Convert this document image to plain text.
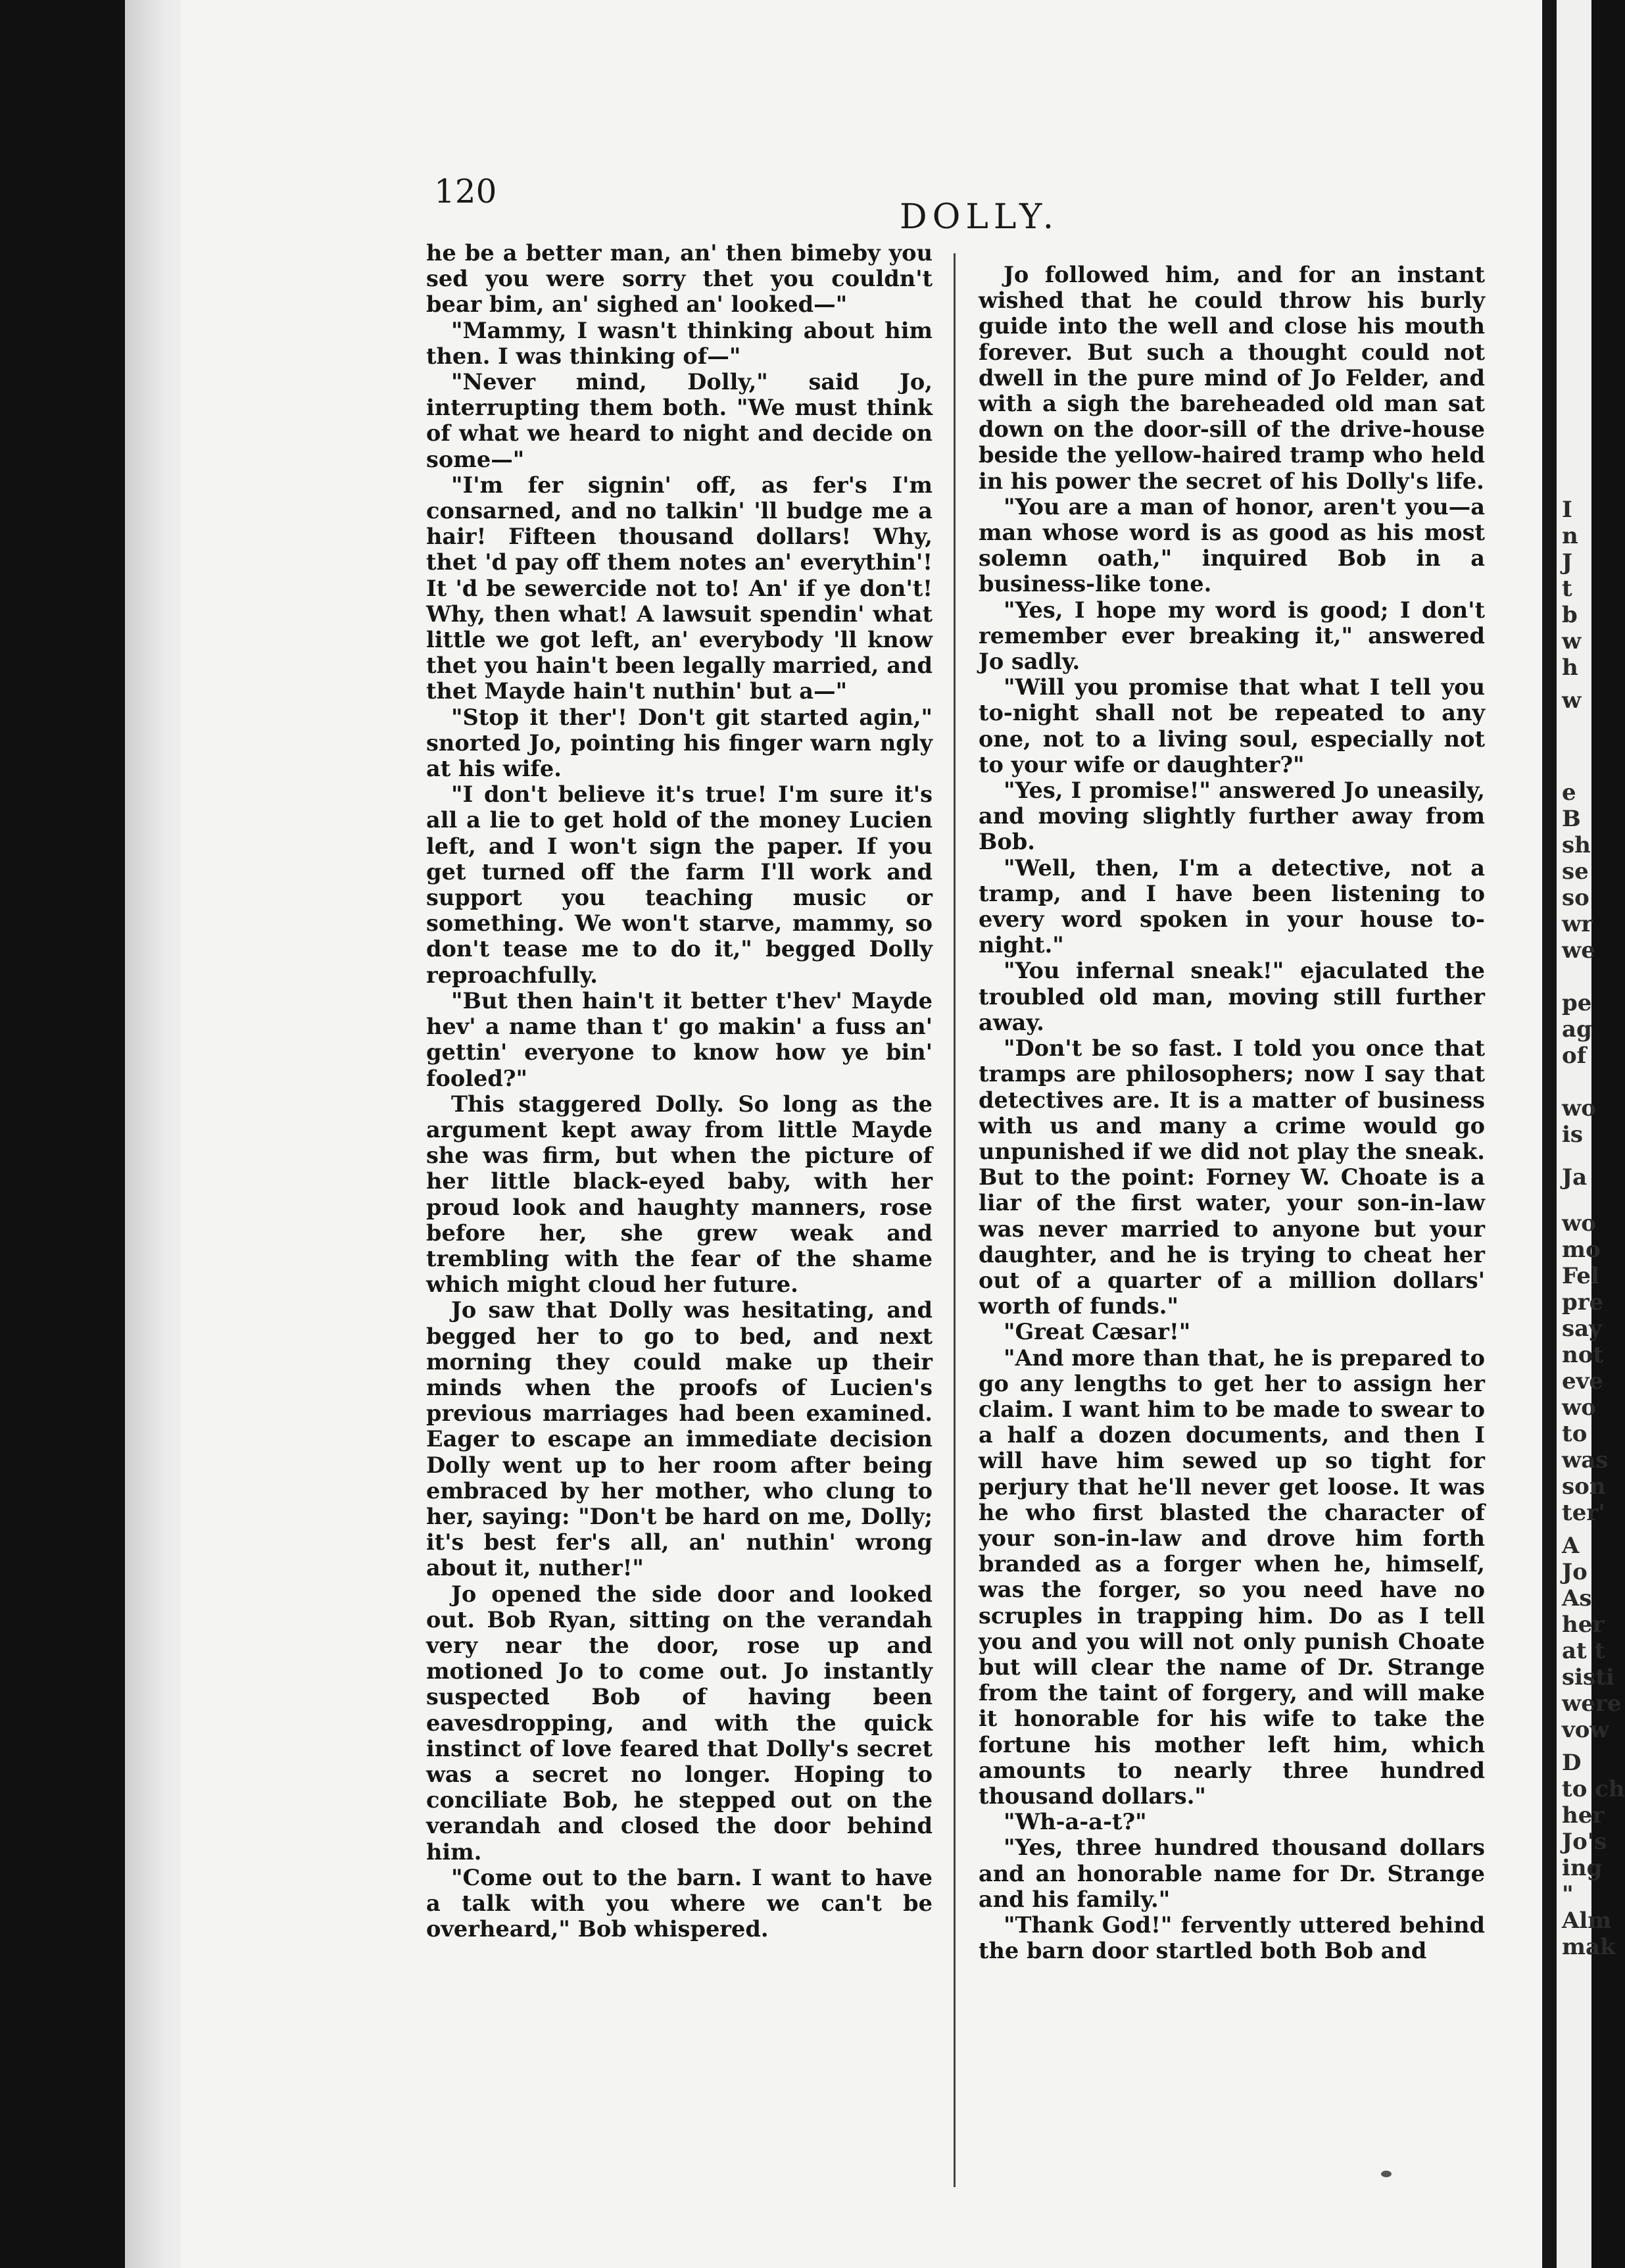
I
n
J
t
b
w
h
w
e
B
sh
se
so
wr
we
pe
ag
of
wo
is
Ja
wo
mo
Fel
pre
say
not
eve
wo
to
was
son
ter'
A
Jo
As
her
at t
sisti
were
vow
D
to ch
her
Jo's
ing
"
Alm
mak
120
DOLLY.

he be a better man, an' then bimeby you sed you were sorry thet you couldn't bear bim, an' sighed an' looked—"

"Mammy, I wasn't thinking about him then. I was thinking of—"

"Never mind, Dolly," said Jo, interrupting them both. "We must think of what we heard to night and decide on some—"

"I'm fer signin' off, as fer's I'm consarned, and no talkin' 'll budge me a hair! Fifteen thousand dollars! Why, thet 'd pay off them notes an' everythin'! It 'd be sewercide not to! An' if ye don't! Why, then what! A lawsuit spendin' what little we got left, an' everybody 'll know thet you hain't been legally married, and thet Mayde hain't nuthin' but a—"

"Stop it ther'! Don't git started agin," snorted Jo, pointing his finger warn ngly at his wife.

"I don't believe it's true! I'm sure it's all a lie to get hold of the money Lucien left, and I won't sign the paper. If you get turned off the farm I'll work and support you teaching music or something. We won't starve, mammy, so don't tease me to do it," begged Dolly reproachfully.

"But then hain't it better t'hev' Mayde hev' a name than t' go makin' a fuss an' gettin' everyone to know how ye bin' fooled?"

This staggered Dolly. So long as the argument kept away from little Mayde she was firm, but when the picture of her little black-eyed baby, with her proud look and haughty manners, rose before her, she grew weak and trembling with the fear of the shame which might cloud her future.

Jo saw that Dolly was hesitating, and begged her to go to bed, and next morning they could make up their minds when the proofs of Lucien's previous marriages had been examined. Eager to escape an immediate decision Dolly went up to her room after being embraced by her mother, who clung to her, saying: "Don't be hard on me, Dolly; it's best fer's all, an' nuthin' wrong about it, nuther!"

Jo opened the side door and looked out. Bob Ryan, sitting on the verandah very near the door, rose up and motioned Jo to come out. Jo instantly suspected Bob of having been eavesdropping, and with the quick instinct of love feared that Dolly's secret was a secret no longer. Hoping to conciliate Bob, he stepped out on the verandah and closed the door behind him.

"Come out to the barn. I want to have a talk with you where we can't be overheard," Bob whispered.

Jo followed him, and for an instant wished that he could throw his burly guide into the well and close his mouth forever. But such a thought could not dwell in the pure mind of Jo Felder, and with a sigh the bareheaded old man sat down on the door-sill of the drive-house beside the yellow-haired tramp who held in his power the secret of his Dolly's life.

"You are a man of honor, aren't you—a man whose word is as good as his most solemn oath," inquired Bob in a business-like tone.

"Yes, I hope my word is good; I don't remember ever breaking it," answered Jo sadly.

"Will you promise that what I tell you to-night shall not be repeated to any one, not to a living soul, especially not to your wife or daughter?"

"Yes, I promise!" answered Jo uneasily, and moving slightly further away from Bob.

"Well, then, I'm a detective, not a tramp, and I have been listening to every word spoken in your house to-night."

"You infernal sneak!" ejaculated the troubled old man, moving still further away.

"Don't be so fast. I told you once that tramps are philosophers; now I say that detectives are. It is a matter of business with us and many a crime would go unpunished if we did not play the sneak. But to the point: Forney W. Choate is a liar of the first water, your son-in-law was never married to anyone but your daughter, and he is trying to cheat her out of a quarter of a million dollars' worth of funds."

"Great Cæsar!"

"And more than that, he is prepared to go any lengths to get her to assign her claim. I want him to be made to swear to a half a dozen documents, and then I will have him sewed up so tight for perjury that he'll never get loose. It was he who first blasted the character of your son-in-law and drove him forth branded as a forger when he, himself, was the forger, so you need have no scruples in trapping him. Do as I tell you and you will not only punish Choate but will clear the name of Dr. Strange from the taint of forgery, and will make it honorable for his wife to take the fortune his mother left him, which amounts to nearly three hundred thousand dollars."

"Wh-a-a-t?"

"Yes, three hundred thousand dollars and an honorable name for Dr. Strange and his family."

"Thank God!" fervently uttered behind the barn door startled both Bob and
